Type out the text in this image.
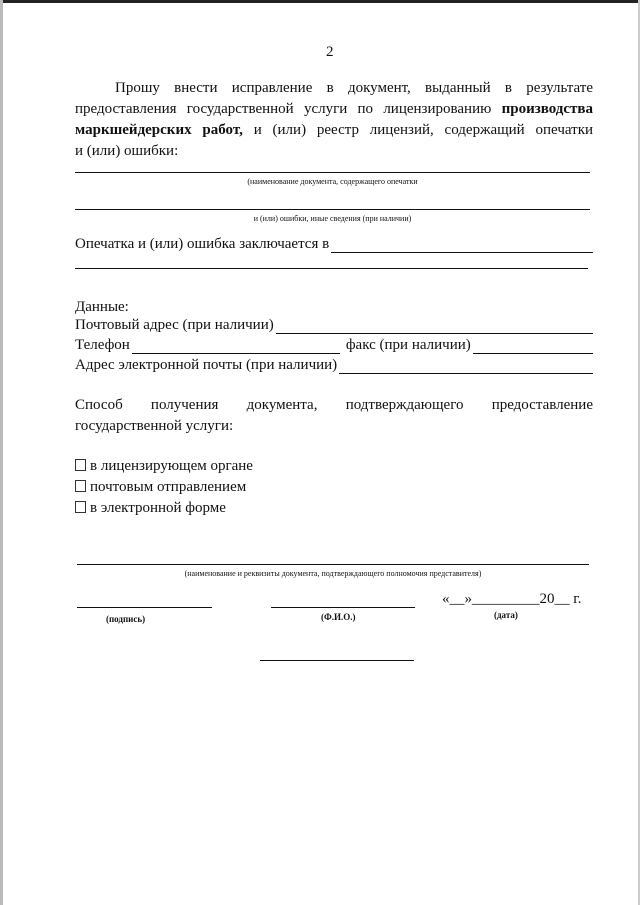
2
Прошу внести исправление в документ, выданный в результате
предоставления государственной услуги по лицензированию производства
маркшейдерских работ, и (или) реестр лицензий, содержащий опечатки
и (или) ошибки:
(наименование документа, содержащего опечатки
и (или) ошибки, иные сведения (при наличии)
Опечатка и (или) ошибка заключается в
Данные:
Почтовый адрес (при наличии)
Телефон	факс (при наличии)
Адрес электронной почты (при наличии)
Способ получения документа, подтверждающего предоставление
государственной услуги:
в лицензирующем органе
почтовым отправлением
в электронной форме
(наименование и реквизиты документа, подтверждающего полномочия представителя)
«__»_________20__ г.
(подпись)	(Ф.И.О.)	(дата)
